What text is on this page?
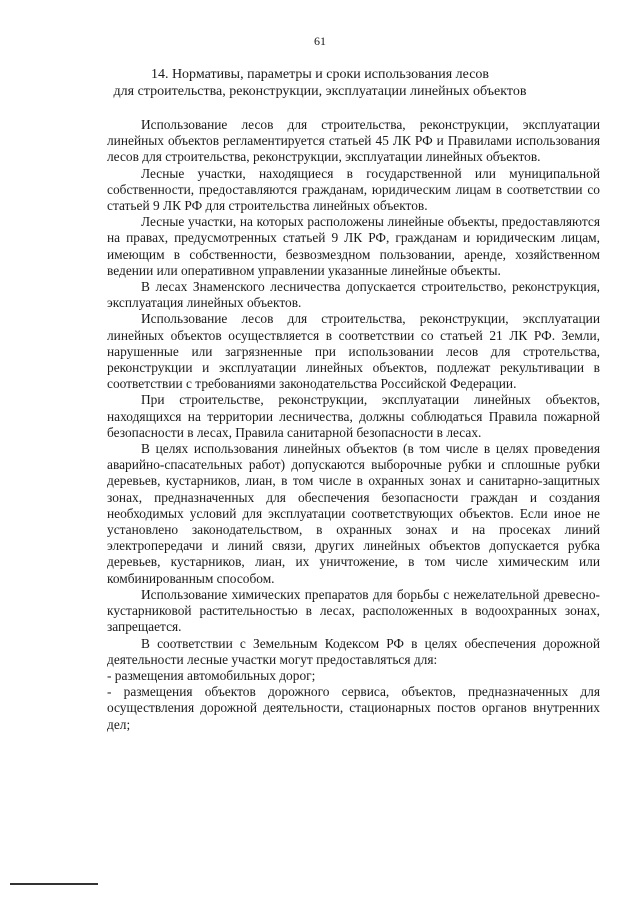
61
14. Нормативы, параметры и сроки использования лесов
для строительства, реконструкции, эксплуатации линейных объектов

Использование лесов для строительства, реконструкции, эксплуатации линейных объектов регламентируется статьей 45 ЛК РФ и Правилами использования лесов для строительства, реконструкции, эксплуатации линейных объектов.

Лесные участки, находящиеся в государственной или муниципальной собственности, предоставляются гражданам, юридическим лицам в соответствии со статьей 9 ЛК РФ для строительства линейных объектов.

Лесные участки, на которых расположены линейные объекты, предоставляются на правах, предусмотренных статьей 9 ЛК РФ, гражданам и юридическим лицам, имеющим в собственности, безвозмездном пользовании, аренде, хозяйственном ведении или оперативном управлении указанные линейные объекты.

В лесах Знаменского лесничества допускается строительство, реконструкция, эксплуатация линейных объектов.

Использование лесов для строительства, реконструкции, эксплуатации линейных объектов осуществляется в соответствии со статьей 21 ЛК РФ. Земли, нарушенные или загрязненные при использовании лесов для стротельства, реконструкции и эксплуатации линейных объектов, подлежат рекультивации в соответствии с требованиями законодательства Российской Федерации.

При строительстве, реконструкции, эксплуатации линейных объектов, находящихся на территории лесничества, должны соблюдаться Правила пожарной безопасности в лесах, Правила санитарной безопасности в лесах.

В целях использования линейных объектов (в том числе в целях проведения аварийно-спасательных работ) допускаются выборочные рубки и сплошные рубки деревьев, кустарников, лиан, в том числе в охранных зонах и санитарно-защитных зонах, предназначенных для обеспечения безопасности граждан и создания необходимых условий для эксплуатации соответствующих объектов. Если иное не установлено законодательством, в охранных зонах и на просеках линий электропередачи и линий связи, других линейных объектов допускается рубка деревьев, кустарников, лиан, их уничтожение, в том числе химическим или комбинированным способом.

Использование химических препаратов для борьбы с нежелательной древесно-кустарниковой растительностью в лесах, расположенных в водоохранных зонах, запрещается.

В соответствии с Земельным Кодексом РФ в целях обеспечения дорожной деятельности лесные участки могут предоставляться для:

- размещения автомобильных дорог;

- размещения объектов дорожного сервиса, объектов, предназначенных для осуществления дорожной деятельности, стационарных постов органов внутренних дел;
